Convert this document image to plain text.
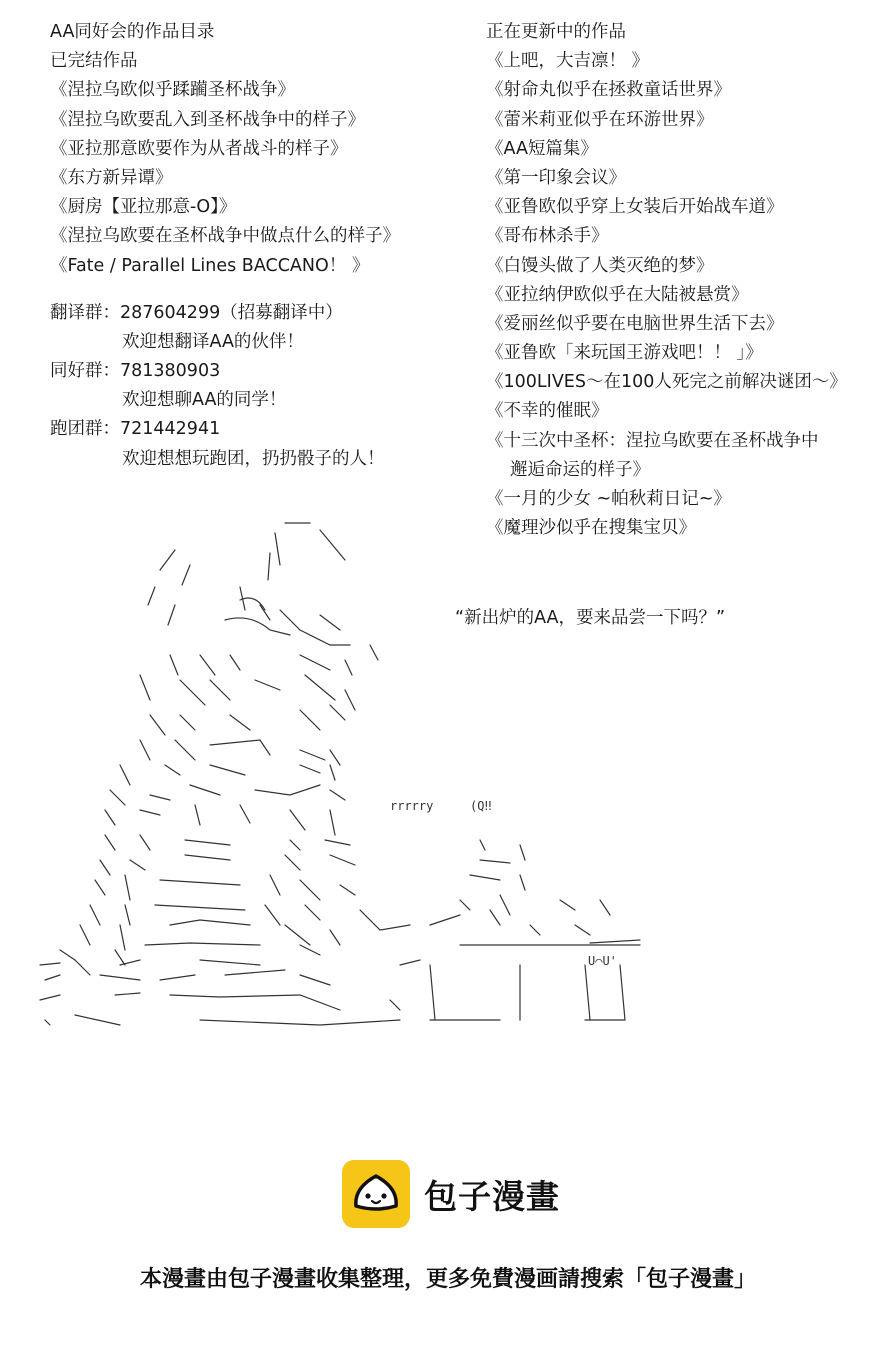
AA同好会的作品目录
已完结作品
《涅拉乌欧似乎蹂躏圣杯战争》
《涅拉乌欧要乱入到圣杯战争中的样子》
《亚拉那意欧要作为从者战斗的样子》
《东方新异谭》
《厨房【亚拉那意-O】》
《涅拉乌欧要在圣杯战争中做点什么的样子》
《Fate / Parallel Lines BACCANO！ 》
翻译群：287604299（招募翻译中）
欢迎想翻译AA的伙伴！
同好群：781380903
欢迎想聊AA的同学！
跑团群：721442941
欢迎想想玩跑团，扔扔骰子的人！
正在更新中的作品
《上吧，大吉凛！ 》
《射命丸似乎在拯救童话世界》
《蕾米莉亚似乎在环游世界》
《AA短篇集》
《第一印象会议》
《亚鲁欧似乎穿上女装后开始战车道》
《哥布林杀手》
《白馒头做了人类灭绝的梦》
《亚拉纳伊欧似乎在大陆被悬赏》
《爱丽丝似乎要在电脑世界生活下去》
《亚鲁欧「来玩国王游戏吧！！ 」》
《100LIVES～在100人死完之前解决谜团～》
《不幸的催眠》
《十三次中圣杯：涅拉乌欧要在圣杯战争中
邂逅命运的样子》
《一月的少女 ~帕秋莉日记~》
《魔理沙似乎在搜集宝贝》
rrrrry	(Q‼
U⌒U'
“新出炉的AA，要来品尝一下吗？”
包子漫畫
本漫畫由包子漫畫收集整理，更多免費漫画請搜索「包子漫畫」
